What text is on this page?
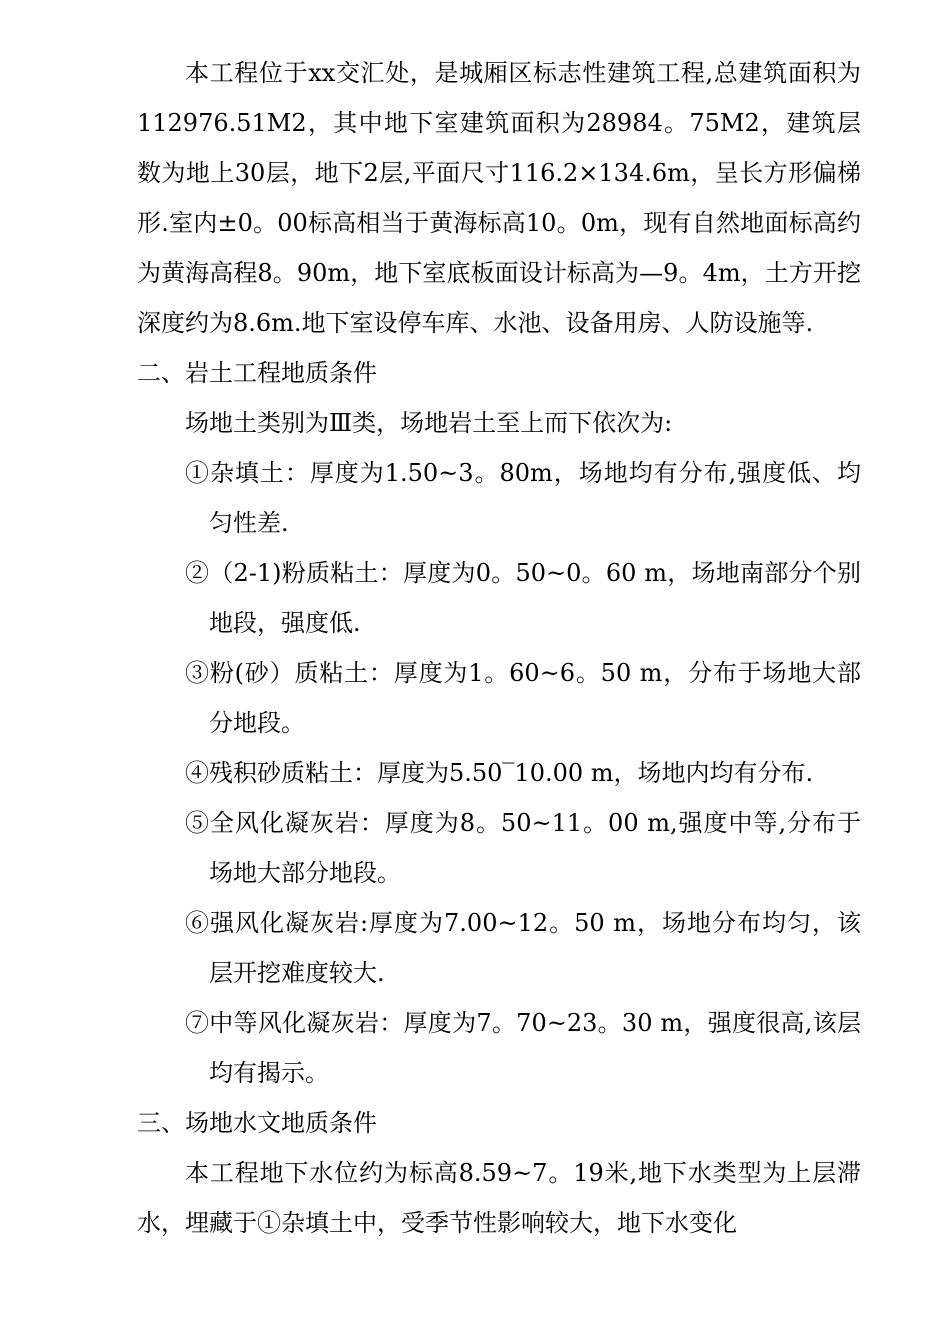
本工程位于xx交汇处，是城厢区标志性建筑工程,总建筑面积为112976.51M2，其中地下室建筑面积为28984。75M2，建筑层数为地上30层，地下2层,平面尺寸116.2×134.6m，呈长方形偏梯形.室内±0。00标高相当于黄海标高10。0m，现有自然地面标高约为黄海高程8。90m，地下室底板面设计标高为—9。4m，土方开挖深度约为8.6m.地下室设停车库、水池、设备用房、人防设施等.

二、岩土工程地质条件

场地土类别为Ⅲ类，场地岩土至上而下依次为:

①杂填土：厚度为1.50~3。80m，场地均有分布,强度低、均匀性差.

②（2-1)粉质粘土：厚度为0。50~0。60 m，场地南部分个别地段，强度低.

③粉(砂）质粘土：厚度为1。60~6。50 m，分布于场地大部分地段。

④残积砂质粘土：厚度为5.50‾10.00 m，场地内均有分布.

⑤全风化凝灰岩：厚度为8。50~11。00 m,强度中等,分布于场地大部分地段。

⑥强风化凝灰岩:厚度为7.00~12。50 m，场地分布均匀，该层开挖难度较大.

⑦中等风化凝灰岩：厚度为7。70~23。30 m，强度很高,该层均有揭示。

三、场地水文地质条件

本工程地下水位约为标高8.59~7。19米,地下水类型为上层滞水，埋藏于①杂填土中，受季节性影响较大，地下水变化
